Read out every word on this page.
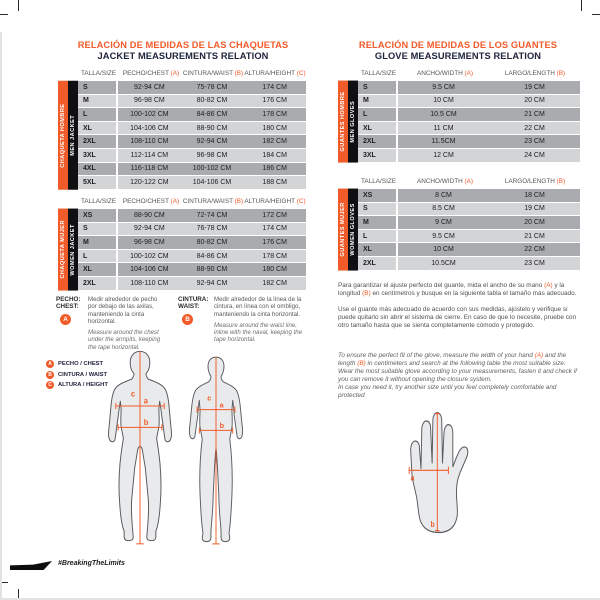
RELACIÓN DE MEDIDAS DE LAS CHAQUETAS
JACKET MEASUREMENTS RELATION
TALLA/SIZE	PECHO/CHEST (A) CINTURA/WAIST (B) ALTURA/HEIGHT (C)
CHAQUETA HOMBRE MEN JACKET
S	92-94 CM	75-78 CM	174 CM
M	96-98 CM	80-82 CM	176 CM
L	100-102 CM	84-86 CM	178 CM
XL	104-106 CM	88-90 CM	180 CM
2XL	108-110 CM	92-94 CM	182 CM
3XL	112-114 CM	96-98 CM	184 CM
4XL	116-118 CM	100-102 CM	186 CM
5XL	120-122 CM	104-106 CM	188 CM
TALLA/SIZE	PECHO/CHEST (A) CINTURA/WAIST (B) ALTURA/HEIGHT (C)
CHAQUETA MUJER WOMEN JACKET
XS	88-90 CM	72-74 CM	172 CM
S	92-94 CM	76-78 CM	174 CM
M	96-98 CM	80-82 CM	176 CM
L	100-102 CM	84-86 CM	178 CM
XL	104-106 CM	88-90 CM	180 CM
2XL	108-110 CM	92-94 CM	182 CM
PECHO:
CHEST:
A
Medir alrededor de pecho por debajo de las axilas, manteniendo la cinta horizontal.
Measure around the chest under the armpits, keeping the tape horizontal.
CINTURA:
WAIST:
B
Medir alrededor de la línea de la cintura, en línea con el ombligo, manteniendo la cinta horizontal.
Measure around the waist line, inline with the naval, keeping the tape horizontal.
A	PECHO / CHEST
B	CINTURA / WAIST
C	ALTURA / HEIGHT
c
a
b
c
a
b
RELACIÓN DE MEDIDAS DE LOS GUANTES
GLOVE MEASUREMENTS RELATION
TALLA/SIZE	ANCHO/WIDTH (A)	LARGO/LENGTH (B)
GUANTES HOMBRE MEN GLOVES
S	9.5 CM	19 CM
M	10 CM	20 CM
L	10.5 CM	21 CM
XL	11 CM	22 CM
2XL	11.5CM	23 CM
3XL	12 CM	24 CM
TALLA/SIZE	ANCHO/WIDTH (A)	LARGO/LENGTH (B)
GUANTES MUJER WOMEN GLOVES
XS	8 CM	18 CM
S	8.5 CM	19 CM
M	9 CM	20 CM
L	9.5 CM	21 CM
XL	10 CM	22 CM
2XL	10.5CM	23 CM

Para garantizar el ajuste perfecto del guante, mida el ancho de su mano (A) y la longitud (B) en centímetros y busque en la siguiente tabla el tamaño más adecuado.

Use el guante más adecuado de acuerdo con sus medidas, ajústelo y verifique si puede quitarlo sin abrir el sistema de cierre. En caso de que lo necesite, pruebe con otro tamaño hasta que se sienta completamente cómodo y protegido.

To ensure the perfect fit of the glove, measure the width of your hand (A) and the length (B) in centimeters and search at the following table the most suitable size. Wear the most suitable glove according to your measurements, fasten it and check if you can remove it without opening the closure system.

In case you need it, try another size until you feel completely comfortable and protected

a
b
#BreakingTheLimits
